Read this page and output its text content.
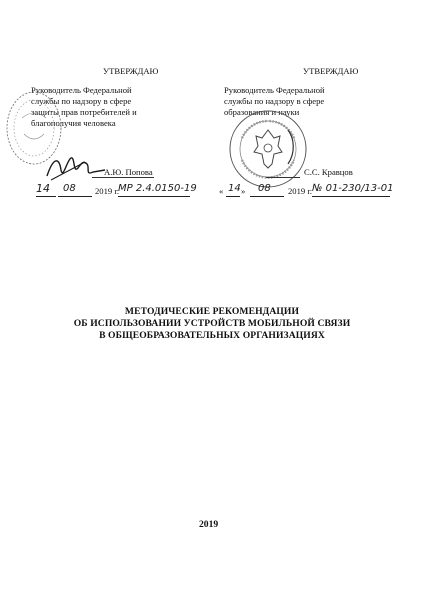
УТВЕРЖДАЮ
Руководитель Федеральной
службы по надзору в сфере
защиты прав потребителей и
благополучия человека
А.Ю. Попова
14 08 2019 г.
МР 2.4.0150-19
УТВЕРЖДАЮ
Руководитель Федеральной
службы по надзору в сфере
образования и науки
С.С. Кравцов
« 14 » 08 2019 г. № 01-230/13-01
МЕТОДИЧЕСКИЕ РЕКОМЕНДАЦИИ
ОБ ИСПОЛЬЗОВАНИИ УСТРОЙСТВ МОБИЛЬНОЙ СВЯЗИ
В ОБЩЕОБРАЗОВАТЕЛЬНЫХ ОРГАНИЗАЦИЯХ
2019
